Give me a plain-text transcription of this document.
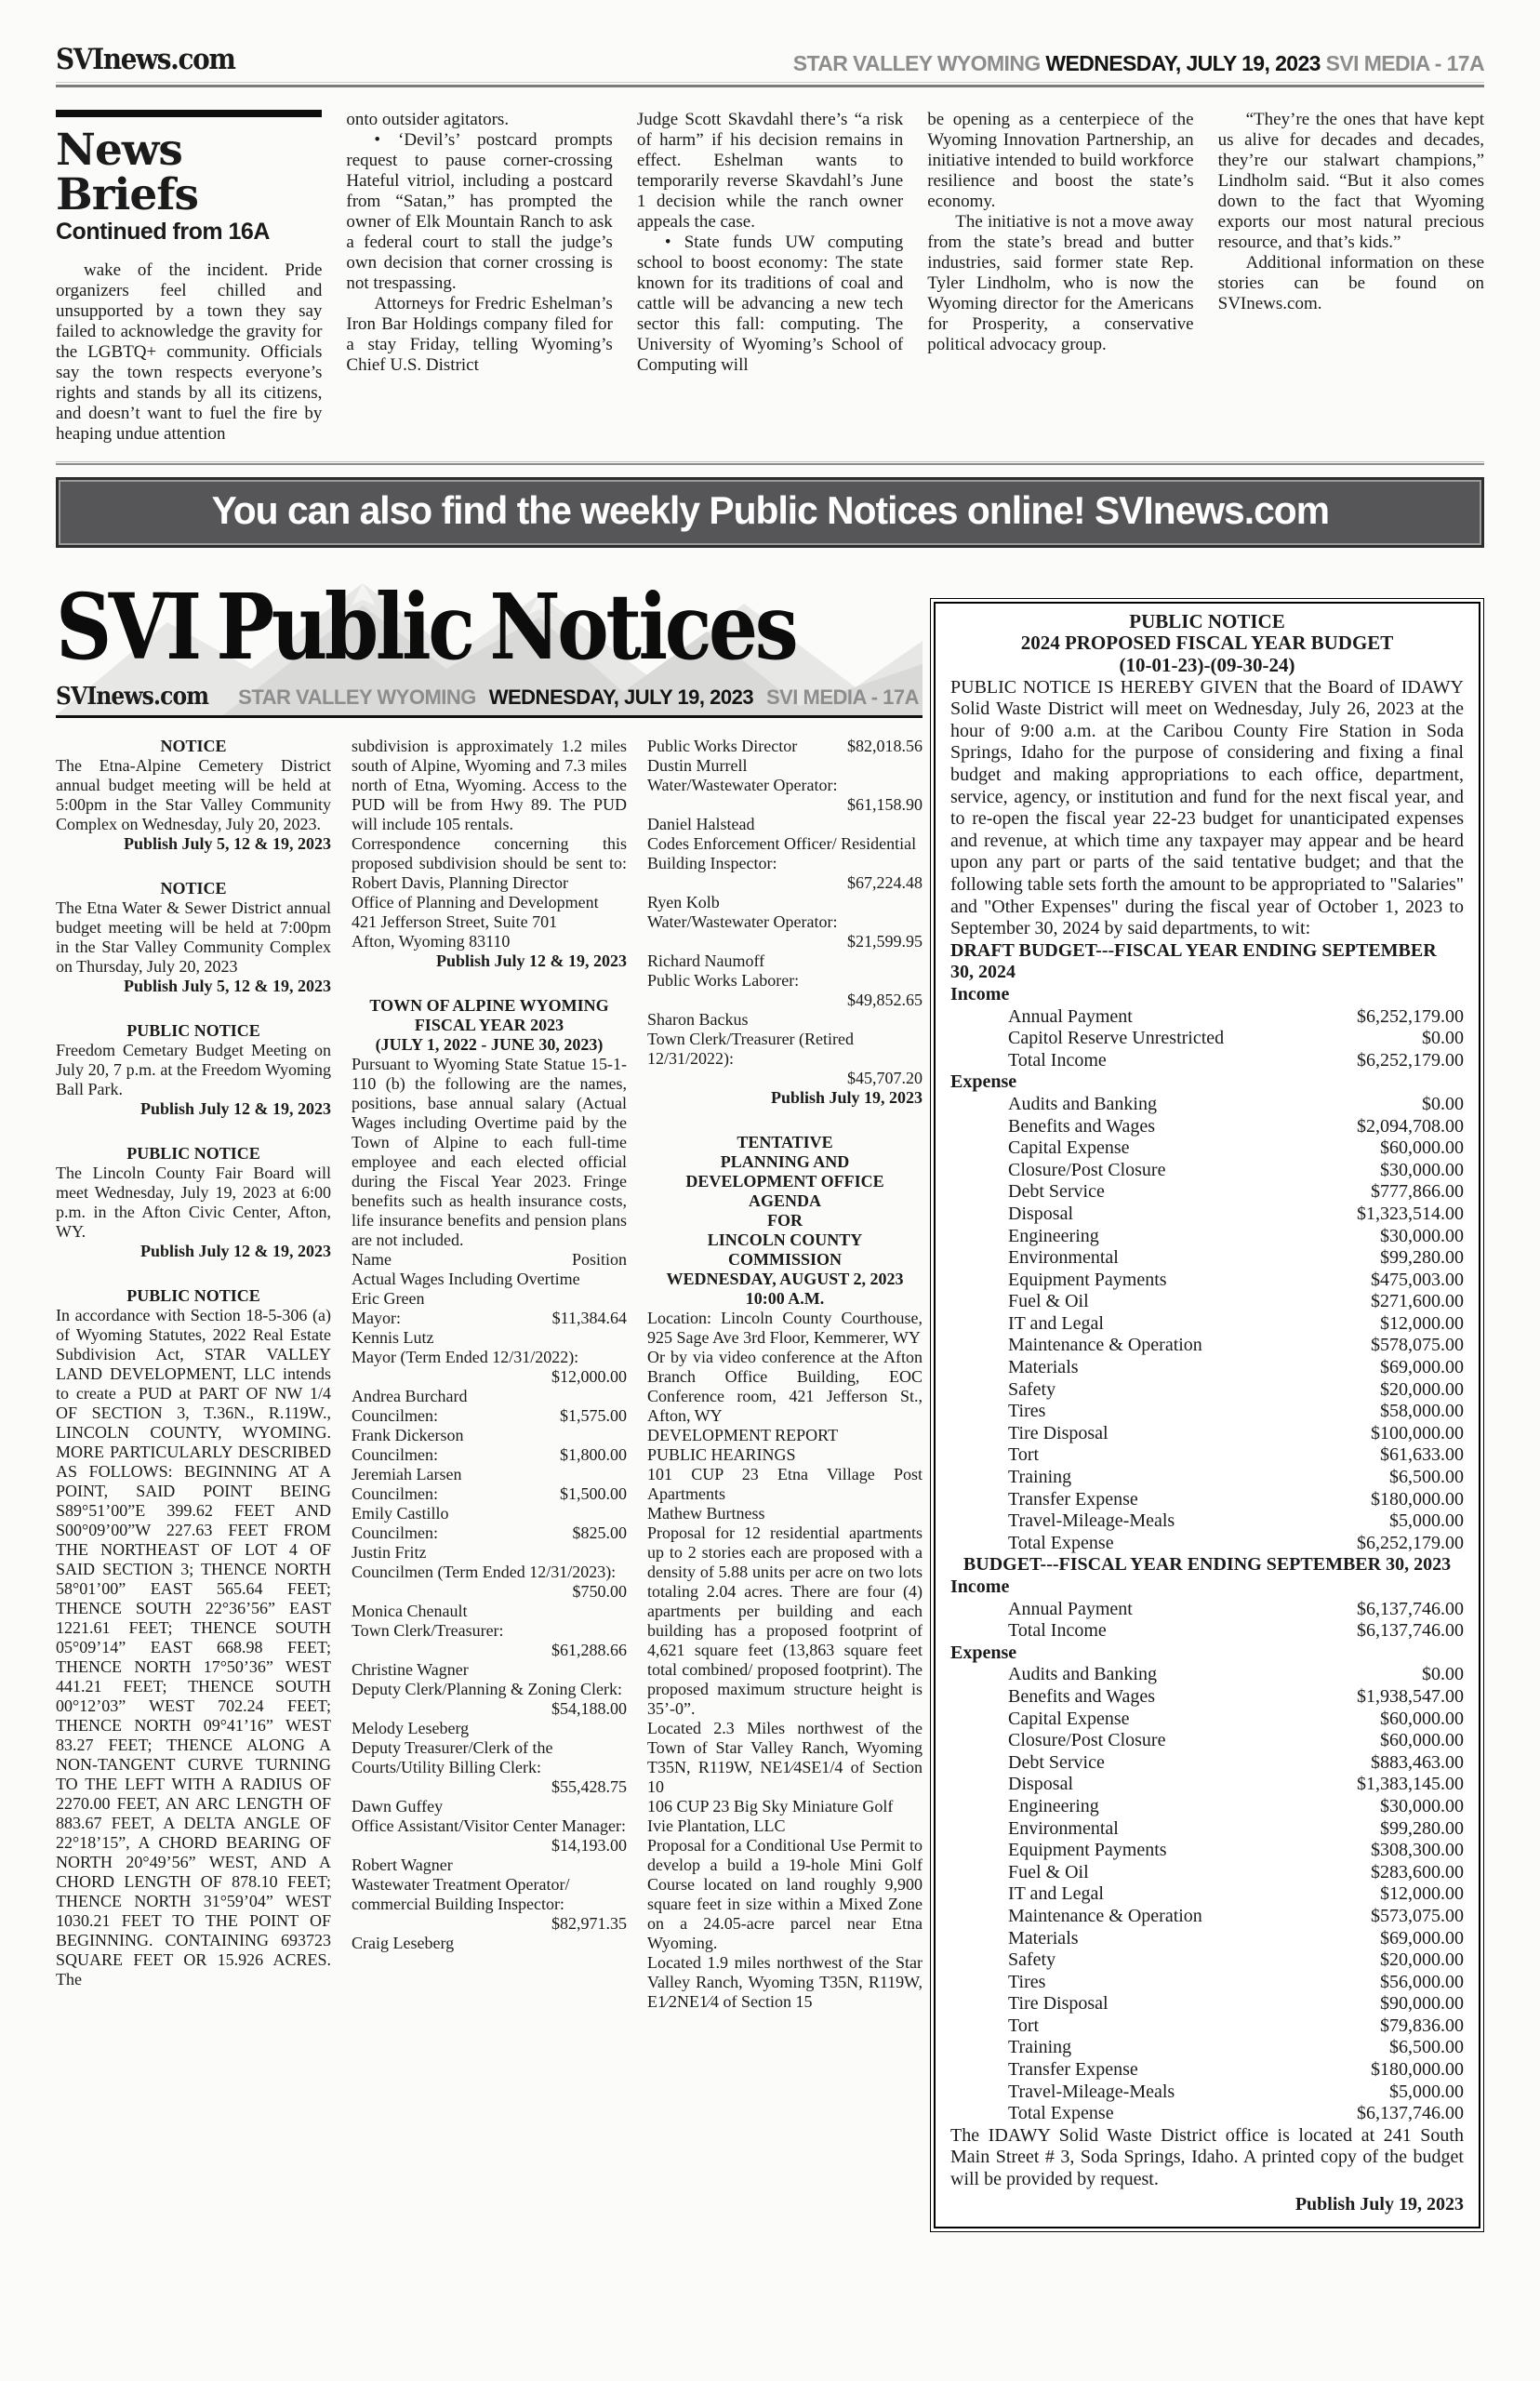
SVInews.com	STAR VALLEY WYOMING WEDNESDAY, JULY 19, 2023 SVI MEDIA - 17A
News Briefs
Continued from 16A

wake of the incident. Pride organizers feel chilled and unsupported by a town they say failed to acknowledge the gravity for the LGBTQ+ community. Officials say the town respects everyone’s rights and stands by all its citizens, and doesn’t want to fuel the fire by heaping undue attention

onto outsider agitators.

• ‘Devil’s’ postcard prompts request to pause corner-crossing Hateful vitriol, including a postcard from “Satan,” has prompted the owner of Elk Mountain Ranch to ask a federal court to stall the judge’s own decision that corner crossing is not trespassing.

Attorneys for Fredric Eshelman’s Iron Bar Holdings company filed for a stay Friday, telling Wyoming’s Chief U.S. District

Judge Scott Skavdahl there’s “a risk of harm” if his decision remains in effect. Eshelman wants to temporarily reverse Skavdahl’s June 1 decision while the ranch owner appeals the case.

• State funds UW computing school to boost economy: The state known for its traditions of coal and cattle will be advancing a new tech sector this fall: computing. The University of Wyoming’s School of Computing will

be opening as a centerpiece of the Wyoming Innovation Partnership, an initiative intended to build workforce resilience and boost the state’s economy.

The initiative is not a move away from the state’s bread and butter industries, said former state Rep. Tyler Lindholm, who is now the Wyoming director for the Americans for Prosperity, a conservative political advocacy group.

“They’re the ones that have kept us alive for decades and decades, they’re our stalwart champions,” Lindholm said. “But it also comes down to the fact that Wyoming exports our most natural precious resource, and that’s kids.”

Additional information on these stories can be found on SVInews.com.

You can also find the weekly Public Notices online! SVInews.com
SVI Public Notices
SVInews.com STAR VALLEY WYOMING WEDNESDAY, JULY 19, 2023 SVI MEDIA - 17A
NOTICE

The Etna-Alpine Cemetery District annual budget meeting will be held at 5:00pm in the Star Valley Community Complex on Wednesday, July 20, 2023.

Publish July 5, 12 & 19, 2023
NOTICE

The Etna Water & Sewer District annual budget meeting will be held at 7:00pm in the Star Valley Community Complex on Thursday, July 20, 2023

Publish July 5, 12 & 19, 2023
PUBLIC NOTICE

Freedom Cemetary Budget Meeting on July 20, 7 p.m. at the Freedom Wyoming Ball Park.

Publish July 12 & 19, 2023
PUBLIC NOTICE

The Lincoln County Fair Board will meet Wednesday, July 19, 2023 at 6:00 p.m. in the Afton Civic Center, Afton, WY.

Publish July 12 & 19, 2023
PUBLIC NOTICE

In accordance with Section 18-5-306 (a) of Wyoming Statutes, 2022 Real Estate Subdivision Act, STAR VALLEY LAND DEVELOPMENT, LLC intends to create a PUD at PART OF NW 1/4 OF SECTION 3, T.36N., R.119W., LINCOLN COUNTY, WYOMING. MORE PARTICULARLY DESCRIBED AS FOLLOWS: BEGINNING AT A POINT, SAID POINT BEING S89°51’00”E 399.62 FEET AND S00°09’00”W 227.63 FEET FROM THE NORTHEAST OF LOT 4 OF SAID SECTION 3; THENCE NORTH 58°01’00” EAST 565.64 FEET; THENCE SOUTH 22°36’56” EAST 1221.61 FEET; THENCE SOUTH 05°09’14” EAST 668.98 FEET; THENCE NORTH 17°50’36” WEST 441.21 FEET; THENCE SOUTH 00°12’03” WEST 702.24 FEET; THENCE NORTH 09°41’16” WEST 83.27 FEET; THENCE ALONG A NON-TANGENT CURVE TURNING TO THE LEFT WITH A RADIUS OF 2270.00 FEET, AN ARC LENGTH OF 883.67 FEET, A DELTA ANGLE OF 22°18’15”, A CHORD BEARING OF NORTH 20°49’56” WEST, AND A CHORD LENGTH OF 878.10 FEET; THENCE NORTH 31°59’04” WEST 1030.21 FEET TO THE POINT OF BEGINNING. CONTAINING 693723 SQUARE FEET OR 15.926 ACRES. The

subdivision is approximately 1.2 miles south of Alpine, Wyoming and 7.3 miles north of Etna, Wyoming. Access to the PUD will be from Hwy 89. The PUD will include 105 rentals.

Correspondence concerning this proposed subdivision should be sent to: Robert Davis, Planning Director

Office of Planning and Development

421 Jefferson Street, Suite 701

Afton, Wyoming 83110

Publish July 12 & 19, 2023
TOWN OF ALPINE WYOMING
FISCAL YEAR 2023
(JULY 1, 2022 - JUNE 30, 2023)

Pursuant to Wyoming State Statue 15-1-110 (b) the following are the names, positions, base annual salary (Actual Wages including Overtime paid by the Town of Alpine to each full-time employee and each elected official during the Fiscal Year 2023. Fringe benefits such as health insurance costs, life insurance benefits and pension plans are not included.

Name	Position
Actual Wages Including Overtime
Eric Green
Mayor:	$11,384.64
Kennis Lutz
Mayor (Term Ended 12/31/2022):
$12,000.00
Andrea Burchard
Councilmen:	$1,575.00
Frank Dickerson
Councilmen:	$1,800.00
Jeremiah Larsen
Councilmen:	$1,500.00
Emily Castillo
Councilmen:	$825.00
Justin Fritz
Councilmen (Term Ended 12/31/2023):
$750.00
Monica Chenault
Town Clerk/Treasurer:
$61,288.66
Christine Wagner
Deputy Clerk/Planning & Zoning Clerk:
$54,188.00
Melody Leseberg
Deputy Treasurer/Clerk of the Courts/Utility Billing Clerk:
$55,428.75
Dawn Guffey
Office Assistant/Visitor Center Manager:
$14,193.00
Robert Wagner
Wastewater Treatment Operator/ commercial Building Inspector:
$82,971.35
Craig Leseberg
Public Works Director	$82,018.56
Dustin Murrell
Water/Wastewater Operator:
$61,158.90
Daniel Halstead
Codes Enforcement Officer/ Residential Building Inspector:
$67,224.48
Ryen Kolb
Water/Wastewater Operator:
$21,599.95
Richard Naumoff
Public Works Laborer:
$49,852.65
Sharon Backus
Town Clerk/Treasurer (Retired 12/31/2022):
$45,707.20
Publish July 19, 2023
TENTATIVE
PLANNING AND
DEVELOPMENT OFFICE
AGENDA
FOR
LINCOLN COUNTY
COMMISSION
WEDNESDAY, AUGUST 2, 2023
10:00 A.M.

Location: Lincoln County Courthouse, 925 Sage Ave 3rd Floor, Kemmerer, WY

Or by via video conference at the Afton Branch Office Building, EOC Conference room, 421 Jefferson St., Afton, WY

DEVELOPMENT REPORT

PUBLIC HEARINGS

101 CUP 23 Etna Village Post Apartments

Mathew Burtness

Proposal for 12 residential apartments up to 2 stories each are proposed with a density of 5.88 units per acre on two lots totaling 2.04 acres. There are four (4) apartments per building and each building has a proposed footprint of 4,621 square feet (13,863 square feet total combined/ proposed footprint). The proposed maximum structure height is 35’-0”.

Located 2.3 Miles northwest of the Town of Star Valley Ranch, Wyoming T35N, R119W, NE1⁄4SE1/4 of Section 10

106 CUP 23 Big Sky Miniature Golf

Ivie Plantation, LLC

Proposal for a Conditional Use Permit to develop a build a 19-hole Mini Golf Course located on land roughly 9,900 square feet in size within a Mixed Zone on a 24.05-acre parcel near Etna Wyoming.

Located 1.9 miles northwest of the Star Valley Ranch, Wyoming T35N, R119W, E1⁄2NE1⁄4 of Section 15

PUBLIC NOTICE
2024 PROPOSED FISCAL YEAR BUDGET
(10-01-23)-(09-30-24)

PUBLIC NOTICE IS HEREBY GIVEN that the Board of IDAWY Solid Waste District will meet on Wednesday, July 26, 2023 at the hour of 9:00 a.m. at the Caribou County Fire Station in Soda Springs, Idaho for the purpose of considering and fixing a final budget and making appropriations to each office, department, service, agency, or institution and fund for the next fiscal year, and to re-open the fiscal year 22-23 budget for unanticipated expenses and revenue, at which time any taxpayer may appear and be heard upon any part or parts of the said tentative budget; and that the following table sets forth the amount to be appropriated to "Salaries" and "Other Expenses" during the fiscal year of October 1, 2023 to September 30, 2024 by said departments, to wit:

DRAFT BUDGET---FISCAL YEAR ENDING SEPTEMBER 30, 2024
Income
Annual Payment	$6,252,179.00
Capitol Reserve Unrestricted	$0.00
Total Income	$6,252,179.00
Expense
Audits and Banking	$0.00
Benefits and Wages	$2,094,708.00
Capital Expense	$60,000.00
Closure/Post Closure	$30,000.00
Debt Service	$777,866.00
Disposal	$1,323,514.00
Engineering	$30,000.00
Environmental	$99,280.00
Equipment Payments	$475,003.00
Fuel & Oil	$271,600.00
IT and Legal	$12,000.00
Maintenance & Operation	$578,075.00
Materials	$69,000.00
Safety	$20,000.00
Tires	$58,000.00
Tire Disposal	$100,000.00
Tort	$61,633.00
Training	$6,500.00
Transfer Expense	$180,000.00
Travel-Mileage-Meals	$5,000.00
Total Expense	$6,252,179.00
BUDGET---FISCAL YEAR ENDING SEPTEMBER 30, 2023
Income
Annual Payment	$6,137,746.00
Total Income	$6,137,746.00
Expense
Audits and Banking	$0.00
Benefits and Wages	$1,938,547.00
Capital Expense	$60,000.00
Closure/Post Closure	$60,000.00
Debt Service	$883,463.00
Disposal	$1,383,145.00
Engineering	$30,000.00
Environmental	$99,280.00
Equipment Payments	$308,300.00
Fuel & Oil	$283,600.00
IT and Legal	$12,000.00
Maintenance & Operation	$573,075.00
Materials	$69,000.00
Safety	$20,000.00
Tires	$56,000.00
Tire Disposal	$90,000.00
Tort	$79,836.00
Training	$6,500.00
Transfer Expense	$180,000.00
Travel-Mileage-Meals	$5,000.00
Total Expense	$6,137,746.00

The IDAWY Solid Waste District office is located at 241 South Main Street # 3, Soda Springs, Idaho. A printed copy of the budget will be provided by request.

Publish July 19, 2023
